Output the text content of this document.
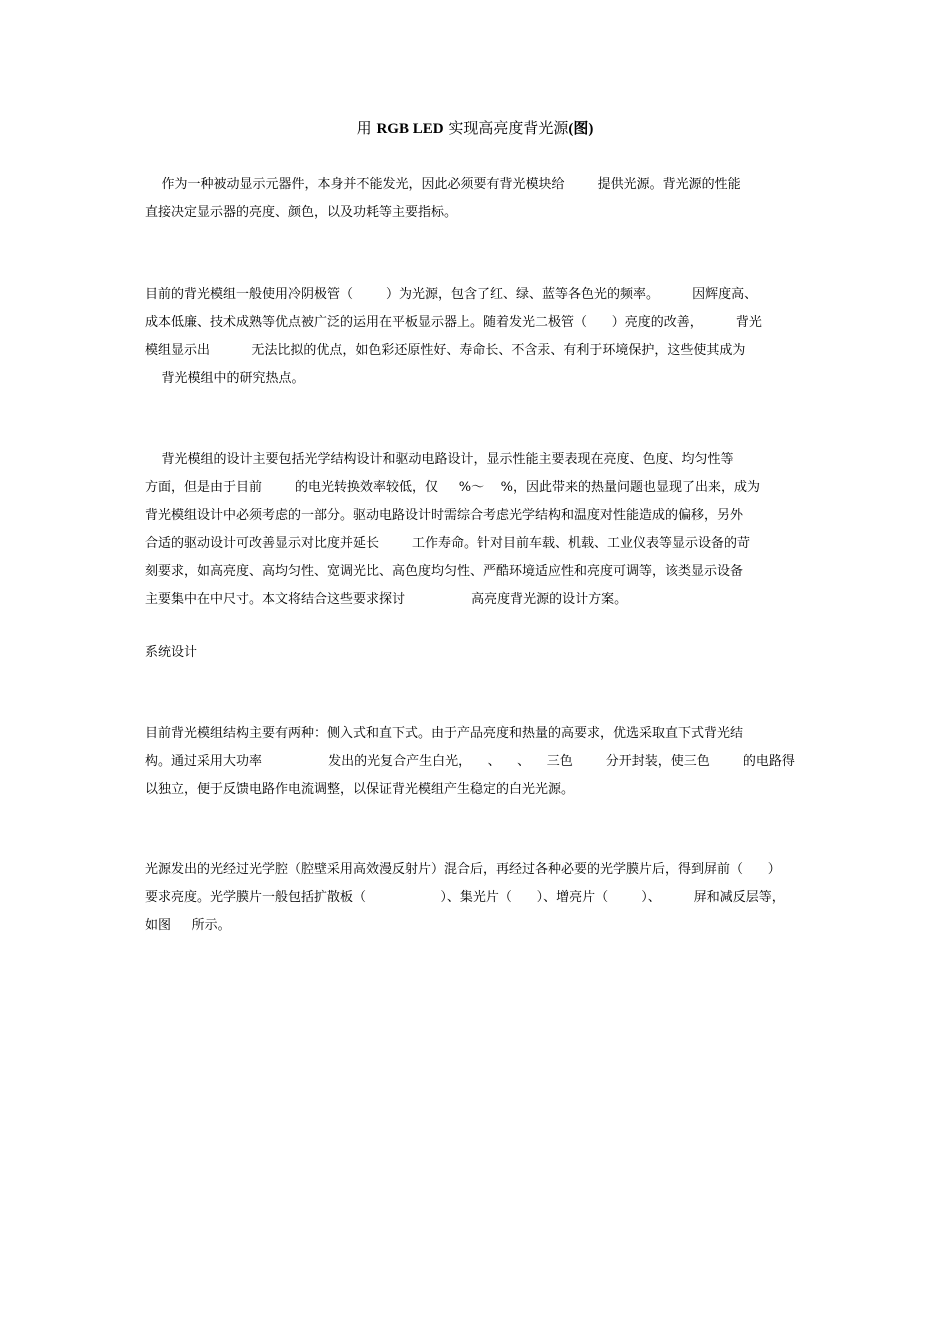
用 RGB LED 实现高亮度背光源(图)
作为一种被动显示元器件，本身并不能发光，因此必须要有背光模块给        提供光源。背光源的性能
直接决定显示器的亮度、颜色，以及功耗等主要指标。
目前的背光模组一般使用冷阴极管（        ）为光源，包含了红、绿、蓝等各色光的频率。        因辉度高、
成本低廉、技术成熟等优点被广泛的运用在平板显示器上。随着发光二极管（      ）亮度的改善，        背光
模组显示出          无法比拟的优点，如色彩还原性好、寿命长、不含汞、有利于环境保护，这些使其成为
背光模组中的研究热点。
背光模组的设计主要包括光学结构设计和驱动电路设计，显示性能主要表现在亮度、色度、均匀性等
方面，但是由于目前        的电光转换效率较低，仅     %～    %，因此带来的热量问题也显现了出来，成为
背光模组设计中必须考虑的一部分。驱动电路设计时需综合考虑光学结构和温度对性能造成的偏移，另外
合适的驱动设计可改善显示对比度并延长        工作寿命。针对目前车载、机载、工业仪表等显示设备的苛
刻要求，如高亮度、高均匀性、宽调光比、高色度均匀性、严酷环境适应性和亮度可调等，该类显示设备
主要集中在中尺寸。本文将结合这些要求探讨                高亮度背光源的设计方案。
系统设计
目前背光模组结构主要有两种：侧入式和直下式。由于产品亮度和热量的高要求，优选采取直下式背光结
构。通过采用大功率                发出的光复合产生白光，    、    、    三色        分开封装，使三色        的电路得
以独立，便于反馈电路作电流调整，以保证背光模组产生稳定的白光光源。
光源发出的光经过光学腔（腔壁采用高效漫反射片）混合后，再经过各种必要的光学膜片后，得到屏前（      ）
要求亮度。光学膜片一般包括扩散板（                  ）、集光片（      ）、增亮片（        ）、        屏和减反层等，
如图     所示。
